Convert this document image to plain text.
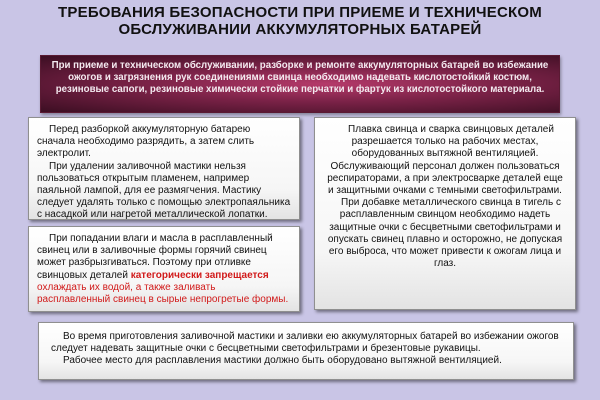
ТРЕБОВАНИЯ БЕЗОПАСНОСТИ ПРИ ПРИЕМЕ И ТЕХНИЧЕСКОМ
ОБСЛУЖИВАНИИ АККУМУЛЯТОРНЫХ БАТАРЕЙ
При приеме и техническом обслуживании, разборке и ремонте аккумуляторных батарей во избежание ожогов и загрязнения рук соединениями свинца необходимо надевать кислотостойкий костюм, резиновые сапоги, резиновые химически стойкие перчатки и фартук из кислотостойкого материала.

Перед разборкой аккумуляторную батарею сначала необходимо разрядить, а затем слить электролит.

При удалении заливочной мастики нельзя пользоваться открытым пламенем, например паяльной лампой, для ее размягчения. Мастику следует удалять только с помощью электропаяльника с насадкой или нагретой металлической лопатки.

При попадании влаги и масла в расплавленный свинец или в заливочные формы горячий свинец может разбрызгиваться. Поэтому при отливке свинцовых деталей категорически запрещается охлаждать их водой, а также заливать расплавленный свинец в сырые непрогретые формы.

Плавка свинца и сварка свинцовых деталей разрешается только на рабочих местах, оборудованных вытяжной вентиляцией. Обслуживающий персонал должен пользоваться респираторами, а при электросварке деталей еще и защитными очками с темными светофильтрами.

При добавке металлического свинца в тигель с расплавленным свинцом необходимо надеть защитные очки с бесцветными светофильтрами и опускать свинец плавно и осторожно, не допуская его выброса, что может привести к ожогам лица и глаз.

Во время приготовления заливочной мастики и заливки ею аккумуляторных батарей во избежании ожогов следует надевать защитные очки с бесцветными светофильтрами и брезентовые рукавицы.

Рабочее место для расплавления мастики должно быть оборудовано вытяжной вентиляцией.
